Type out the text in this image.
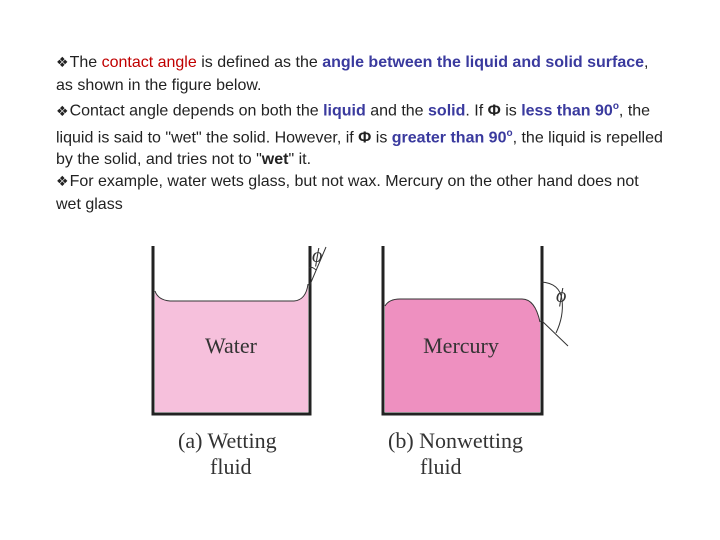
❖The contact angle is defined as the angle between the liquid and solid surface, as shown in the figure below.

❖Contact angle depends on both the liquid and the solid. If Φ is less than 90$^o$, the liquid is said to "wet" the solid. However, if Φ is greater than 90$^o$, the liquid is repelled by the solid, and tries not to "wet" it.

❖For example, water wets glass, but not wax. Mercury on the other hand does not wet glass

ϕ
Water
ϕ
Mercury
(a) Wetting
fluid
(b) Nonwetting
fluid
